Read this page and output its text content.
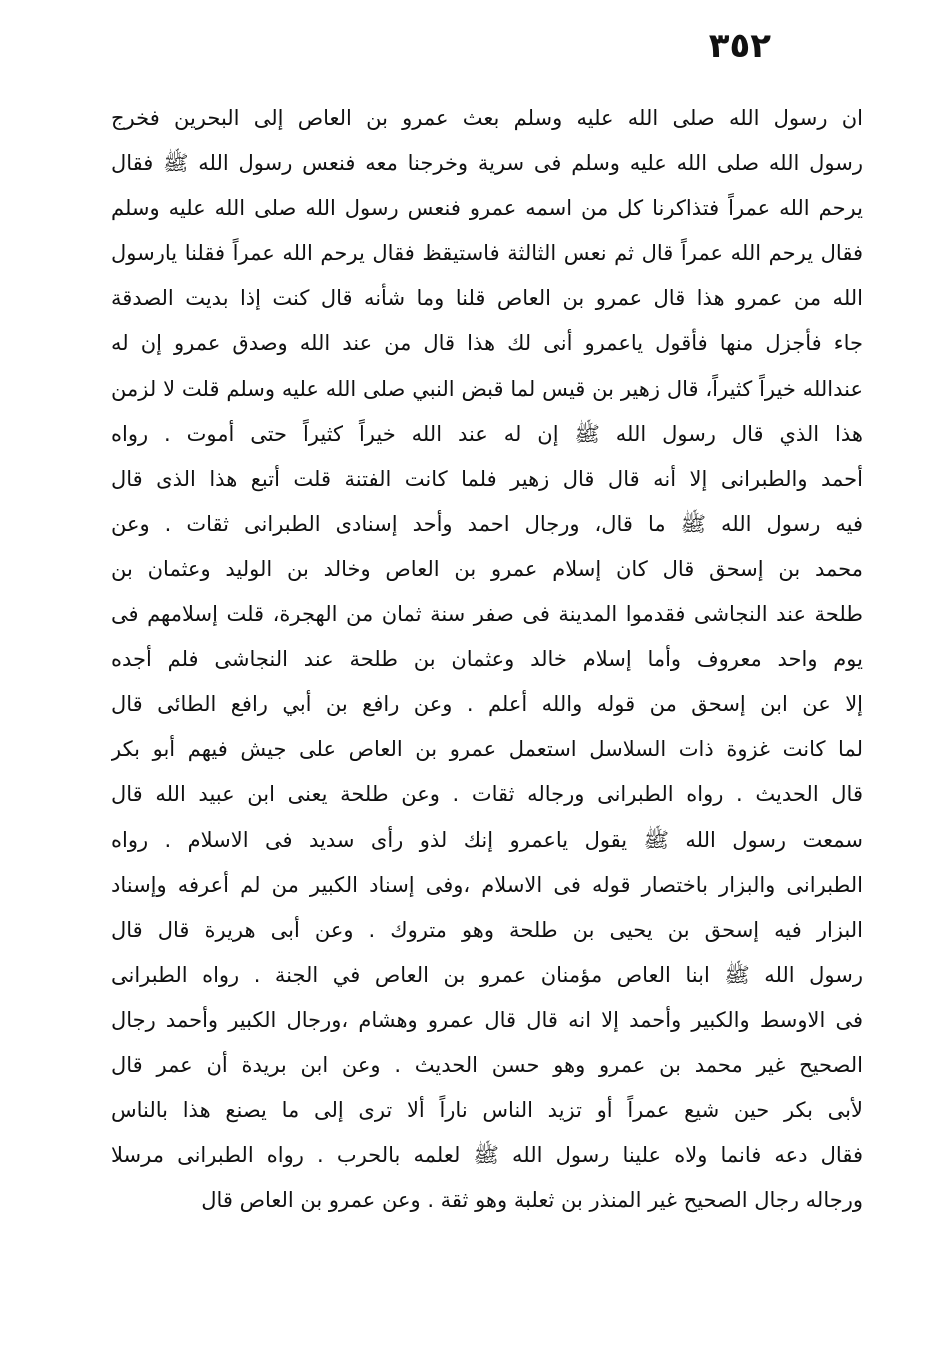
٣٥٢
ان رسول الله صلى الله عليه وسلم بعث عمرو بن العاص إلى البحرين فخرج
رسول الله صلى الله عليه وسلم فى سرية وخرجنا معه فنعس رسول الله ﷺ فقال
يرحم الله عمراً فتذاكرنا كل من اسمه عمرو فنعس رسول الله صلى الله عليه وسلم
فقال يرحم الله عمراً قال ثم نعس الثالثة فاستيقظ فقال يرحم الله عمراً فقلنا يارسول
الله من عمرو هذا قال عمرو بن العاص قلنا وما شأنه قال كنت إذا بديت الصدقة
جاء فأجزل منها فأقول ياعمرو أنى لك هذا قال من عند الله وصدق عمرو إن له
عندالله خيراً كثيراً، قال زهير بن قيس لما قبض النبي صلى الله عليه وسلم قلت لا لزمن
هذا الذي قال رسول الله ﷺ إن له عند الله خيراً كثيراً حتى أموت . رواه
أحمد والطبرانى إلا أنه قال قال زهير فلما كانت الفتنة قلت أتبع هذا الذى قال
فيه رسول الله ﷺ ما قال، ورجال احمد وأحد إسنادى الطبرانى ثقات . وعن
محمد بن إسحق قال كان إسلام عمرو بن العاص وخالد بن الوليد وعثمان بن
طلحة عند النجاشى فقدموا المدينة فى صفر سنة ثمان من الهجرة، قلت إسلامهم فى
يوم واحد معروف وأما إسلام خالد وعثمان بن طلحة عند النجاشى فلم أجده
إلا عن ابن إسحق من قوله والله أعلم . وعن رافع بن أبي رافع الطائى قال
لما كانت غزوة ذات السلاسل استعمل عمرو بن العاص على جيش فيهم أبو بكر
قال الحديث . رواه الطبرانى ورجاله ثقات . وعن طلحة يعنى ابن عبيد الله قال
سمعت رسول الله ﷺ يقول ياعمرو إنك لذو رأى سديد فى الاسلام . رواه
الطبرانى والبزار باختصار قوله فى الاسلام ،وفى إسناد الكبير من لم أعرفه وإسناد
البزار فيه إسحق بن يحيى بن طلحة وهو متروك . وعن أبى هريرة قال قال
رسول الله ﷺ ابنا العاص مؤمنان عمرو بن العاص في الجنة . رواه الطبرانى
فى الاوسط والكبير وأحمد إلا انه قال قال عمرو وهشام ،ورجال الكبير وأحمد رجال
الصحيح غير محمد بن عمرو وهو حسن الحديث . وعن ابن بريدة أن عمر قال
لأبى بكر حين شيع عمراً أو تزيد الناس ناراً ألا ترى إلى ما يصنع هذا بالناس
فقال دعه فانما ولاه علينا رسول الله ﷺ لعلمه بالحرب . رواه الطبرانى مرسلا
ورجاله رجال الصحيح غير المنذر بن ثعلبة وهو ثقة . وعن عمرو بن العاص قال
